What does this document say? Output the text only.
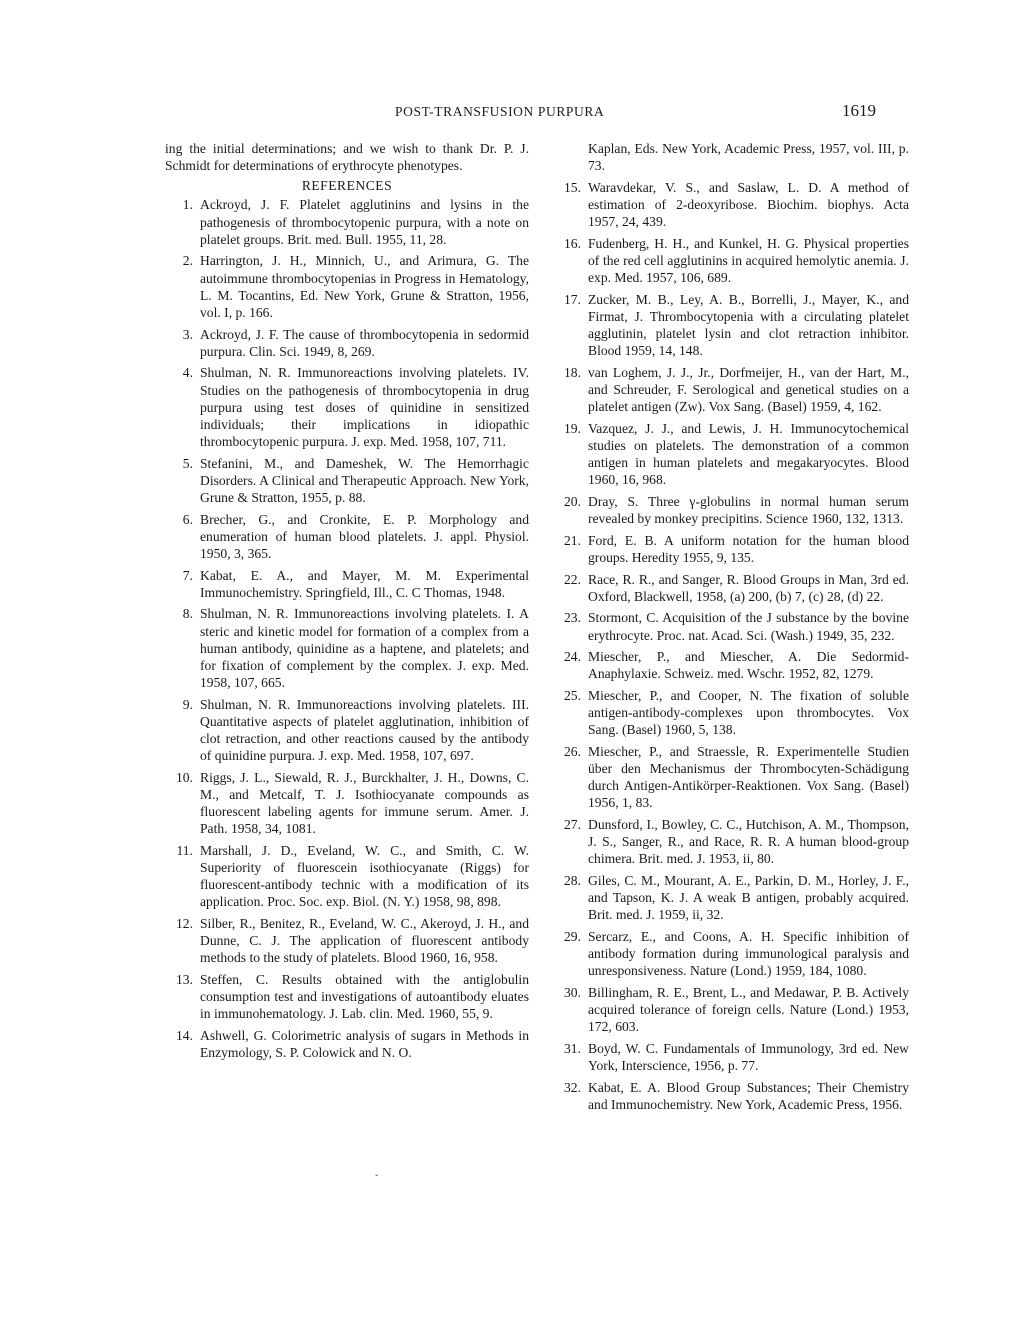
POST-TRANSFUSION PURPURA	1619

ing the initial determinations; and we wish to thank Dr. P. J. Schmidt for determinations of erythrocyte phenotypes.

REFERENCES
1. Ackroyd, J. F. Platelet agglutinins and lysins in the pathogenesis of thrombocytopenic purpura, with a note on platelet groups. Brit. med. Bull. 1955, 11, 28.
2. Harrington, J. H., Minnich, U., and Arimura, G. The autoimmune thrombocytopenias in Progress in Hematology, L. M. Tocantins, Ed. New York, Grune & Stratton, 1956, vol. I, p. 166.
3. Ackroyd, J. F. The cause of thrombocytopenia in sedormid purpura. Clin. Sci. 1949, 8, 269.
4. Shulman, N. R. Immunoreactions involving platelets. IV. Studies on the pathogenesis of thrombocytopenia in drug purpura using test doses of quinidine in sensitized individuals; their implications in idiopathic thrombocytopenic purpura. J. exp. Med. 1958, 107, 711.
5. Stefanini, M., and Dameshek, W. The Hemorrhagic Disorders. A Clinical and Therapeutic Approach. New York, Grune & Stratton, 1955, p. 88.
6. Brecher, G., and Cronkite, E. P. Morphology and enumeration of human blood platelets. J. appl. Physiol. 1950, 3, 365.
7. Kabat, E. A., and Mayer, M. M. Experimental Immunochemistry. Springfield, Ill., C. C Thomas, 1948.
8. Shulman, N. R. Immunoreactions involving platelets. I. A steric and kinetic model for formation of a complex from a human antibody, quinidine as a haptene, and platelets; and for fixation of complement by the complex. J. exp. Med. 1958, 107, 665.
9. Shulman, N. R. Immunoreactions involving platelets. III. Quantitative aspects of platelet agglutination, inhibition of clot retraction, and other reactions caused by the antibody of quinidine purpura. J. exp. Med. 1958, 107, 697.
10. Riggs, J. L., Siewald, R. J., Burckhalter, J. H., Downs, C. M., and Metcalf, T. J. Isothiocyanate compounds as fluorescent labeling agents for immune serum. Amer. J. Path. 1958, 34, 1081.
11. Marshall, J. D., Eveland, W. C., and Smith, C. W. Superiority of fluorescein isothiocyanate (Riggs) for fluorescent-antibody technic with a modification of its application. Proc. Soc. exp. Biol. (N. Y.) 1958, 98, 898.
12. Silber, R., Benitez, R., Eveland, W. C., Akeroyd, J. H., and Dunne, C. J. The application of fluorescent antibody methods to the study of platelets. Blood 1960, 16, 958.
13. Steffen, C. Results obtained with the antiglobulin consumption test and investigations of autoantibody eluates in immunohematology. J. Lab. clin. Med. 1960, 55, 9.
14. Ashwell, G. Colorimetric analysis of sugars in Methods in Enzymology, S. P. Colowick and N. O.
Kaplan, Eds. New York, Academic Press, 1957, vol. III, p. 73.
15. Waravdekar, V. S., and Saslaw, L. D. A method of estimation of 2-deoxyribose. Biochim. biophys. Acta 1957, 24, 439.
16. Fudenberg, H. H., and Kunkel, H. G. Physical properties of the red cell agglutinins in acquired hemolytic anemia. J. exp. Med. 1957, 106, 689.
17. Zucker, M. B., Ley, A. B., Borrelli, J., Mayer, K., and Firmat, J. Thrombocytopenia with a circulating platelet agglutinin, platelet lysin and clot retraction inhibitor. Blood 1959, 14, 148.
18. van Loghem, J. J., Jr., Dorfmeijer, H., van der Hart, M., and Schreuder, F. Serological and genetical studies on a platelet antigen (Zw). Vox Sang. (Basel) 1959, 4, 162.
19. Vazquez, J. J., and Lewis, J. H. Immunocytochemical studies on platelets. The demonstration of a common antigen in human platelets and megakaryocytes. Blood 1960, 16, 968.
20. Dray, S. Three γ-globulins in normal human serum revealed by monkey precipitins. Science 1960, 132, 1313.
21. Ford, E. B. A uniform notation for the human blood groups. Heredity 1955, 9, 135.
22. Race, R. R., and Sanger, R. Blood Groups in Man, 3rd ed. Oxford, Blackwell, 1958, (a) 200, (b) 7, (c) 28, (d) 22.
23. Stormont, C. Acquisition of the J substance by the bovine erythrocyte. Proc. nat. Acad. Sci. (Wash.) 1949, 35, 232.
24. Miescher, P., and Miescher, A. Die Sedormid-Anaphylaxie. Schweiz. med. Wschr. 1952, 82, 1279.
25. Miescher, P., and Cooper, N. The fixation of soluble antigen-antibody-complexes upon thrombocytes. Vox Sang. (Basel) 1960, 5, 138.
26. Miescher, P., and Straessle, R. Experimentelle Studien über den Mechanismus der Thrombocyten-Schädigung durch Antigen-Antikörper-Reaktionen. Vox Sang. (Basel) 1956, 1, 83.
27. Dunsford, I., Bowley, C. C., Hutchison, A. M., Thompson, J. S., Sanger, R., and Race, R. R. A human blood-group chimera. Brit. med. J. 1953, ii, 80.
28. Giles, C. M., Mourant, A. E., Parkin, D. M., Horley, J. F., and Tapson, K. J. A weak B antigen, probably acquired. Brit. med. J. 1959, ii, 32.
29. Sercarz, E., and Coons, A. H. Specific inhibition of antibody formation during immunological paralysis and unresponsiveness. Nature (Lond.) 1959, 184, 1080.
30. Billingham, R. E., Brent, L., and Medawar, P. B. Actively acquired tolerance of foreign cells. Nature (Lond.) 1953, 172, 603.
31. Boyd, W. C. Fundamentals of Immunology, 3rd ed. New York, Interscience, 1956, p. 77.
32. Kabat, E. A. Blood Group Substances; Their Chemistry and Immunochemistry. New York, Academic Press, 1956.
ˇ
